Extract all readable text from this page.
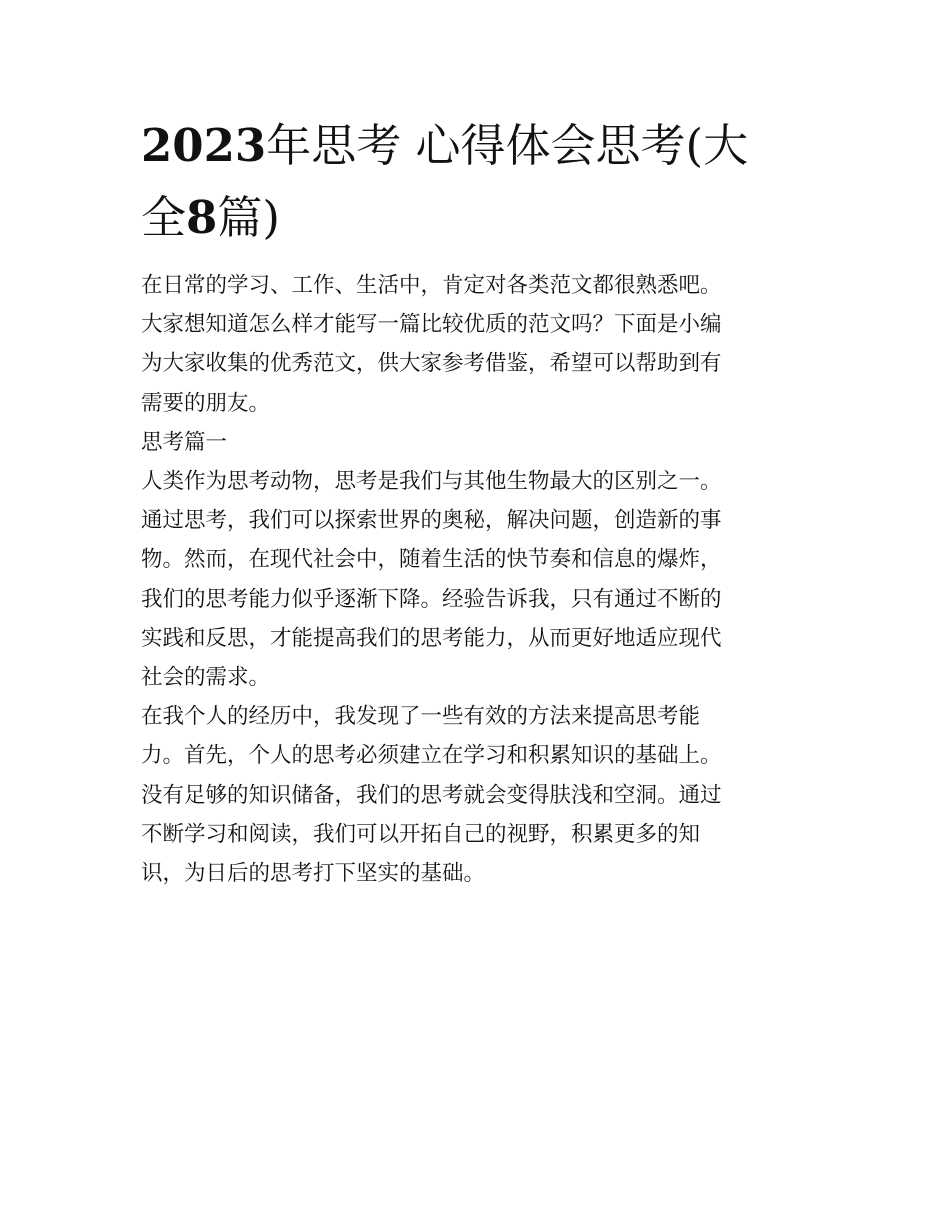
2023年思考 心得体会思考(大
全8篇)
在日常的学习、工作、生活中，肯定对各类范文都很熟悉吧。
大家想知道怎么样才能写一篇比较优质的范文吗？下面是小编
为大家收集的优秀范文，供大家参考借鉴，希望可以帮助到有
需要的朋友。
思考篇一
人类作为思考动物，思考是我们与其他生物最大的区别之一。
通过思考，我们可以探索世界的奥秘，解决问题，创造新的事
物。然而，在现代社会中，随着生活的快节奏和信息的爆炸，
我们的思考能力似乎逐渐下降。经验告诉我，只有通过不断的
实践和反思，才能提高我们的思考能力，从而更好地适应现代
社会的需求。
在我个人的经历中，我发现了一些有效的方法来提高思考能
力。首先，个人的思考必须建立在学习和积累知识的基础上。
没有足够的知识储备，我们的思考就会变得肤浅和空洞。通过
不断学习和阅读，我们可以开拓自己的视野，积累更多的知
识，为日后的思考打下坚实的基础。
